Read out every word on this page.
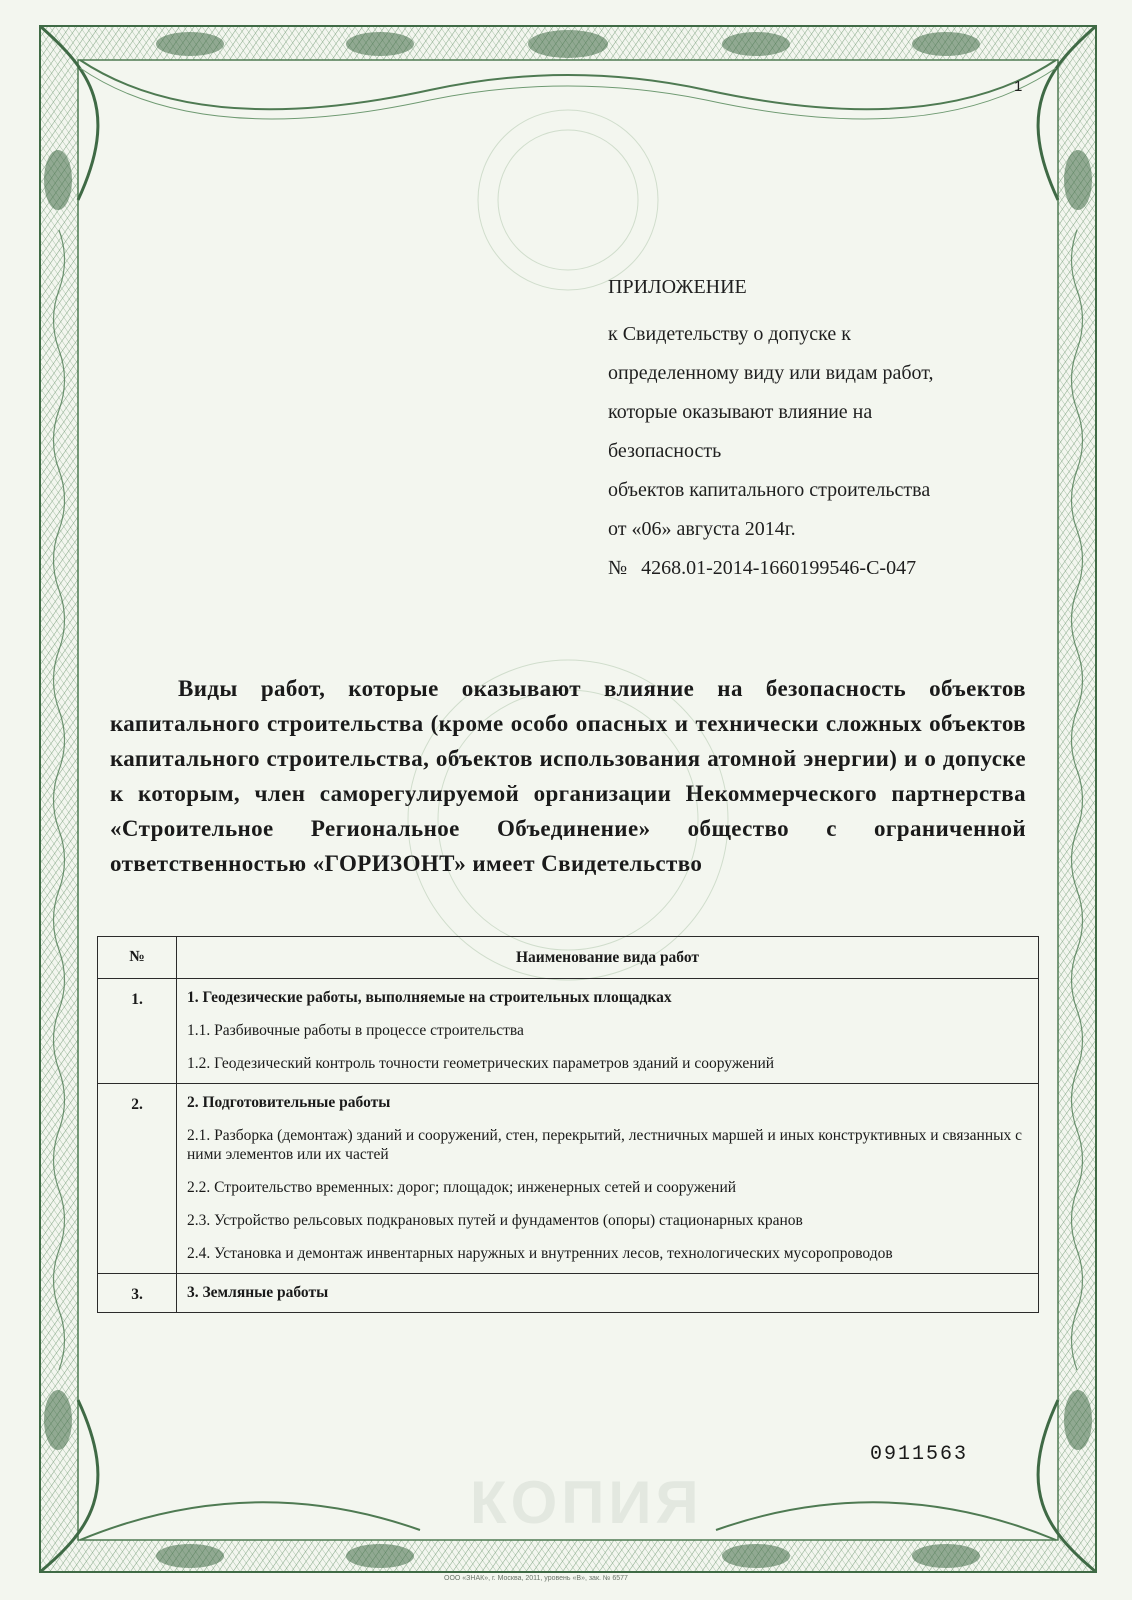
1
ПРИЛОЖЕНИЕ
к Свидетельству о допуске к
определенному виду или видам работ,
которые оказывают влияние на
безопасность
объектов капитального строительства
от «06» августа 2014г.
№ 4268.01-2014-1660199546-С-047
Виды работ, которые оказывают влияние на безопасность объектов капитального строительства (кроме особо опасных и технически сложных объектов капитального строительства, объектов использования атомной энергии) и о допуске к которым, член саморегулируемой организации Некоммерческого партнерства «Строительное Региональное Объединение» общество с ограниченной ответственностью «ГОРИЗОНТ» имеет Свидетельство
№	Наименование вида работ
1.	1. Геодезические работы, выполняемые на строительных площадках
1.1. Разбивочные работы в процессе строительства
1.2. Геодезический контроль точности геометрических параметров зданий и сооружений

2.	2. Подготовительные работы
2.1. Разборка (демонтаж) зданий и сооружений, стен, перекрытий, лестничных маршей и иных конструктивных и связанных с ними элементов или их частей
2.2. Строительство временных: дорог; площадок; инженерных сетей и сооружений
2.3. Устройство рельсовых подкрановых путей и фундаментов (опоры) стационарных кранов
2.4. Установка и демонтаж инвентарных наружных и внутренних лесов, технологических мусоропроводов

3.	3. Земляные работы
0911563
КОПИЯ
ООО «ЗНАК», г. Москва, 2011, уровень «В», зак. № 6577
